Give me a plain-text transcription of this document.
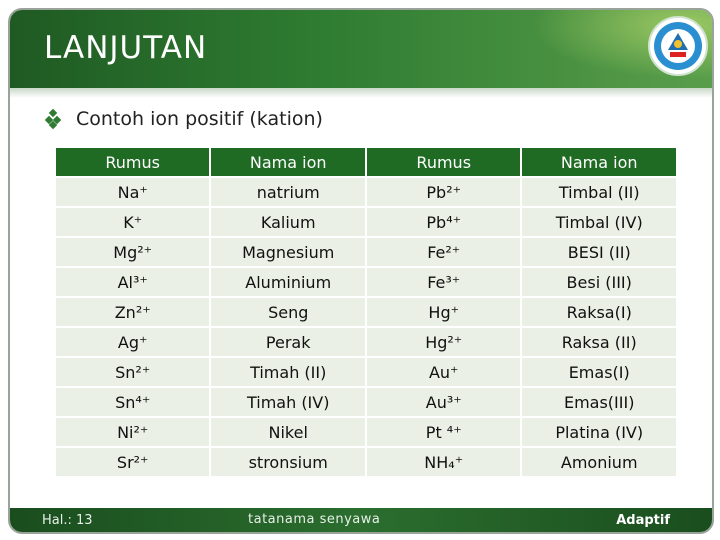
LANJUTAN
Contoh ion positif (kation)
Rumus	Nama ion	Rumus	Nama ion
Na⁺	natrium	Pb²⁺	Timbal (II)
K⁺	Kalium	Pb⁴⁺	Timbal (IV)
Mg²⁺	Magnesium	Fe²⁺	BESI (II)
Al³⁺	Aluminium	Fe³⁺	Besi (III)
Zn²⁺	Seng	Hg⁺	Raksa(I)
Ag⁺	Perak	Hg²⁺	Raksa (II)
Sn²⁺	Timah (II)	Au⁺	Emas(I)
Sn⁴⁺	Timah (IV)	Au³⁺	Emas(III)
Ni²⁺	Nikel	Pt ⁴⁺	Platina (IV)
Sr²⁺	stronsium	NH₄⁺	Amonium
Hal.: 13	tatanama senyawa	Adaptif
